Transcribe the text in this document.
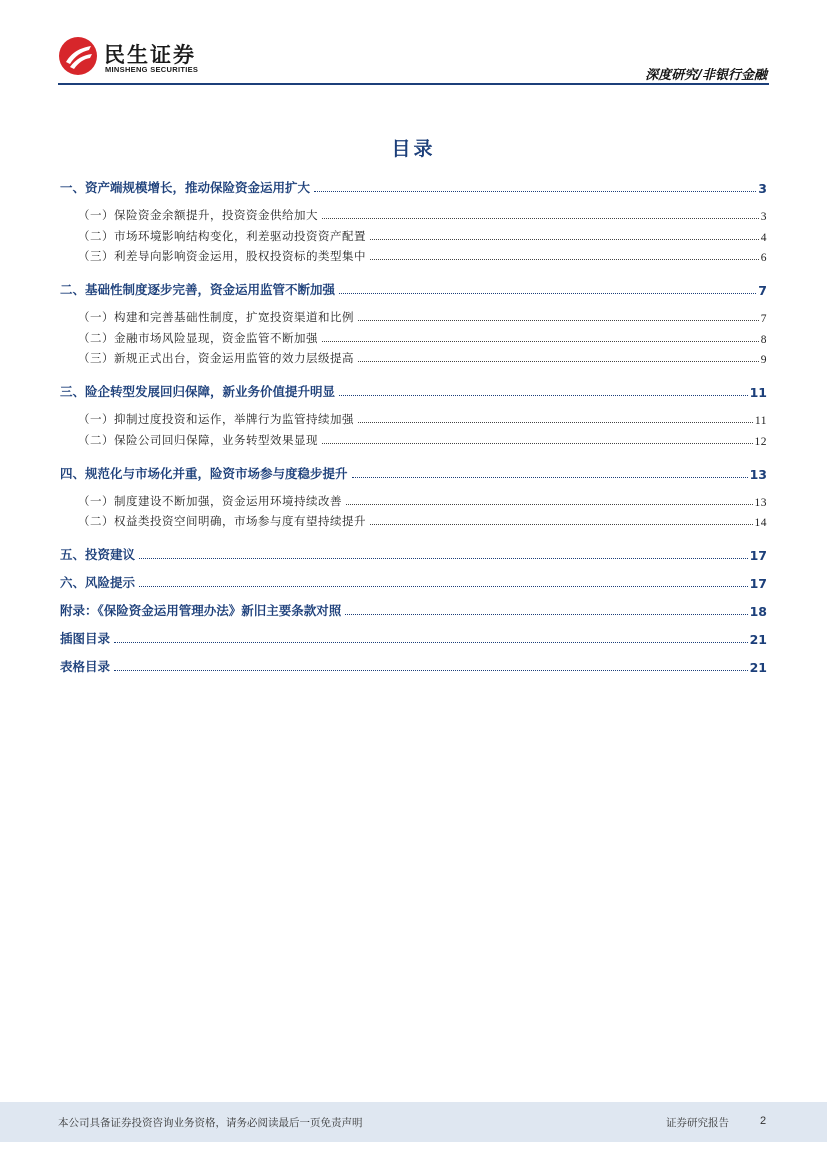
民生证券
MINSHENG SECURITIES	深度研究/非银行金融
目录
一、资产端规模增长，推动保险资金运用扩大	3
（一）保险资金余额提升，投资资金供给加大	3
（二）市场环境影响结构变化，利差驱动投资资产配置	4
（三）利差导向影响资金运用，股权投资标的类型集中	6
二、基础性制度逐步完善，资金运用监管不断加强	7
（一）构建和完善基础性制度，扩宽投资渠道和比例	7
（二）金融市场风险显现，资金监管不断加强	8
（三）新规正式出台，资金运用监管的效力层级提高	9
三、险企转型发展回归保障，新业务价值提升明显	11
（一）抑制过度投资和运作，举牌行为监管持续加强	11
（二）保险公司回归保障，业务转型效果显现	12
四、规范化与市场化并重，险资市场参与度稳步提升	13
（一）制度建设不断加强，资金运用环境持续改善	13
（二）权益类投资空间明确，市场参与度有望持续提升	14
五、投资建议	17
六、风险提示	17
附录：《保险资金运用管理办法》新旧主要条款对照	18
插图目录	21
表格目录	21
本公司具备证券投资咨询业务资格，请务必阅读最后一页免责声明	证券研究报告	2
